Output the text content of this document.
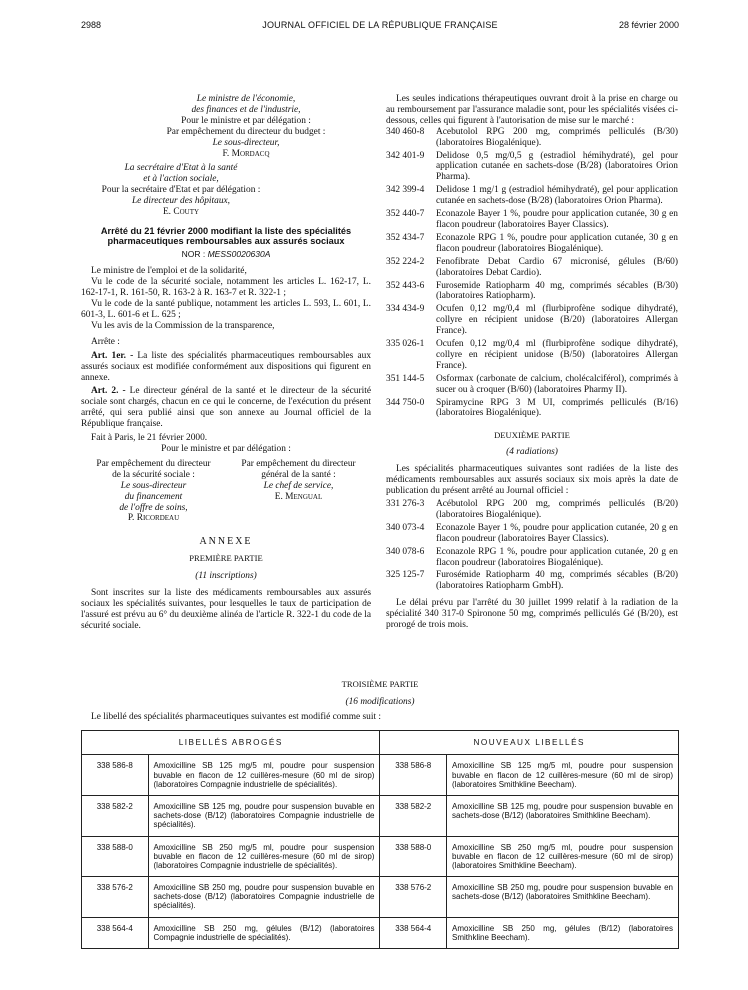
2988	JOURNAL OFFICIEL DE LA RÉPUBLIQUE FRANÇAISE	28 février 2000
Le ministre de l'économie,
des finances et de l'industrie,
Pour le ministre et par délégation :
Par empêchement du directeur du budget :
Le sous-directeur,
F. Mordacq
La secrétaire d'Etat à la santé
et à l'action sociale,
Pour la secrétaire d'Etat et par délégation :
Le directeur des hôpitaux,
E. Couty
Arrêté du 21 février 2000 modifiant la liste des spécialités pharmaceutiques remboursables aux assurés sociaux
NOR : MESS0020630A

Le ministre de l'emploi et de la solidarité,

Vu le code de la sécurité sociale, notamment les articles L. 162-17, L. 162-17-1, R. 161-50, R. 163-2 à R. 163-7 et R. 322-1 ;

Vu le code de la santé publique, notamment les articles L. 593, L. 601, L. 601-3, L. 601-6 et L. 625 ;

Vu les avis de la Commission de la transparence,

Arrête :

Art. 1er. - La liste des spécialités pharmaceutiques remboursables aux assurés sociaux est modifiée conformément aux dispositions qui figurent en annexe.

Art. 2. - Le directeur général de la santé et le directeur de la sécurité sociale sont chargés, chacun en ce qui le concerne, de l'exécution du présent arrêté, qui sera publié ainsi que son annexe au Journal officiel de la République française.

Fait à Paris, le 21 février 2000.

Pour le ministre et par délégation :
Par empêchement du directeur
de la sécurité sociale :
Le sous-directeur
du financement
de l'offre de soins,
P. Ricordeau
Par empêchement du directeur
général de la santé :
Le chef de service,
E. Mengual
ANNEXE
PREMIÈRE PARTIE
(11 inscriptions)

Sont inscrites sur la liste des médicaments remboursables aux assurés sociaux les spécialités suivantes, pour lesquelles le taux de participation de l'assuré est prévu au 6° du deuxième alinéa de l'article R. 322-1 du code de la sécurité sociale.

Les seules indications thérapeutiques ouvrant droit à la prise en charge ou au remboursement par l'assurance maladie sont, pour les spécialités visées ci-dessous, celles qui figurent à l'autorisation de mise sur le marché :

340 460-8	Acebutolol RPG 200 mg, comprimés pelliculés (B/30) (laboratoires Biogalénique).
342 401-9	Delidose 0,5 mg/0,5 g (estradiol hémihydraté), gel pour application cutanée en sachets-dose (B/28) (laboratoires Orion Pharma).
342 399-4	Delidose 1 mg/1 g (estradiol hémihydraté), gel pour application cutanée en sachets-dose (B/28) (laboratoires Orion Pharma).
352 440-7	Econazole Bayer 1 %, poudre pour application cutanée, 30 g en flacon poudreur (laboratoires Bayer Classics).
352 434-7	Econazole RPG 1 %, poudre pour application cutanée, 30 g en flacon poudreur (laboratoires Biogalénique).
352 224-2	Fenofibrate Debat Cardio 67 micronisé, gélules (B/60) (laboratoires Debat Cardio).
352 443-6	Furosemide Ratiopharm 40 mg, comprimés sécables (B/30) (laboratoires Ratiopharm).
334 434-9	Ocufen 0,12 mg/0,4 ml (flurbiprofène sodique dihydraté), collyre en récipient unidose (B/20) (laboratoires Allergan France).
335 026-1	Ocufen 0,12 mg/0,4 ml (flurbiprofène sodique dihydraté), collyre en récipient unidose (B/50) (laboratoires Allergan France).
351 144-5	Osformax (carbonate de calcium, cholécalciférol), comprimés à sucer ou à croquer (B/60) (laboratoires Pharmy II).
344 750-0	Spiramycine RPG 3 M UI, comprimés pelliculés (B/16) (laboratoires Biogalénique).
DEUXIÈME PARTIE
(4 radiations)

Les spécialités pharmaceutiques suivantes sont radiées de la liste des médicaments remboursables aux assurés sociaux six mois après la date de publication du présent arrêté au Journal officiel :

331 276-3	Acébutolol RPG 200 mg, comprimés pelliculés (B/20) (laboratoires Biogalénique).
340 073-4	Econazole Bayer 1 %, poudre pour application cutanée, 20 g en flacon poudreur (laboratoires Bayer Classics).
340 078-6	Econazole RPG 1 %, poudre pour application cutanée, 20 g en flacon poudreur (laboratoires Biogalénique).
325 125-7	Furosémide Ratiopharm 40 mg, comprimés sécables (B/20) (laboratoires Ratiopharm GmbH).

Le délai prévu par l'arrêté du 30 juillet 1999 relatif à la radiation de la spécialité 340 317-0 Spironone 50 mg, comprimés pelliculés Gé (B/20), est prorogé de trois mois.

TROISIÈME PARTIE
(16 modifications)
Le libellé des spécialités pharmaceutiques suivantes est modifié comme suit :
LIBELLÉS ABROGÉS		NOUVEAUX LIBELLÉS	
338 586-8	Amoxicilline SB 125 mg/5 ml, poudre pour suspension buvable en flacon de 12 cuillères-mesure (60 ml de sirop) (laboratoires Compagnie industrielle de spécialités).	338 586-8	Amoxicilline SB 125 mg/5 ml, poudre pour suspension buvable en flacon de 12 cuillères-mesure (60 ml de sirop) (laboratoires Smithkline Beecham).
338 582-2	Amoxicilline SB 125 mg, poudre pour suspension buvable en sachets-dose (B/12) (laboratoires Compagnie industrielle de spécialités).	338 582-2	Amoxicilline SB 125 mg, poudre pour suspension buvable en sachets-dose (B/12) (laboratoires Smithkline Beecham).
338 588-0	Amoxicilline SB 250 mg/5 ml, poudre pour suspension buvable en flacon de 12 cuillères-mesure (60 ml de sirop) (laboratoires Compagnie industrielle de spécialités).	338 588-0	Amoxicilline SB 250 mg/5 ml, poudre pour suspension buvable en flacon de 12 cuillères-mesure (60 ml de sirop) (laboratoires Smithkline Beecham).
338 576-2	Amoxicilline SB 250 mg, poudre pour suspension buvable en sachets-dose (B/12) (laboratoires Compagnie industrielle de spécialités).	338 576-2	Amoxicilline SB 250 mg, poudre pour suspension buvable en sachets-dose (B/12) (laboratoires Smithkline Beecham).
338 564-4	Amoxicilline SB 250 mg, gélules (B/12) (laboratoires Compagnie industrielle de spécialités).	338 564-4	Amoxicilline SB 250 mg, gélules (B/12) (laboratoires Smithkline Beecham).
